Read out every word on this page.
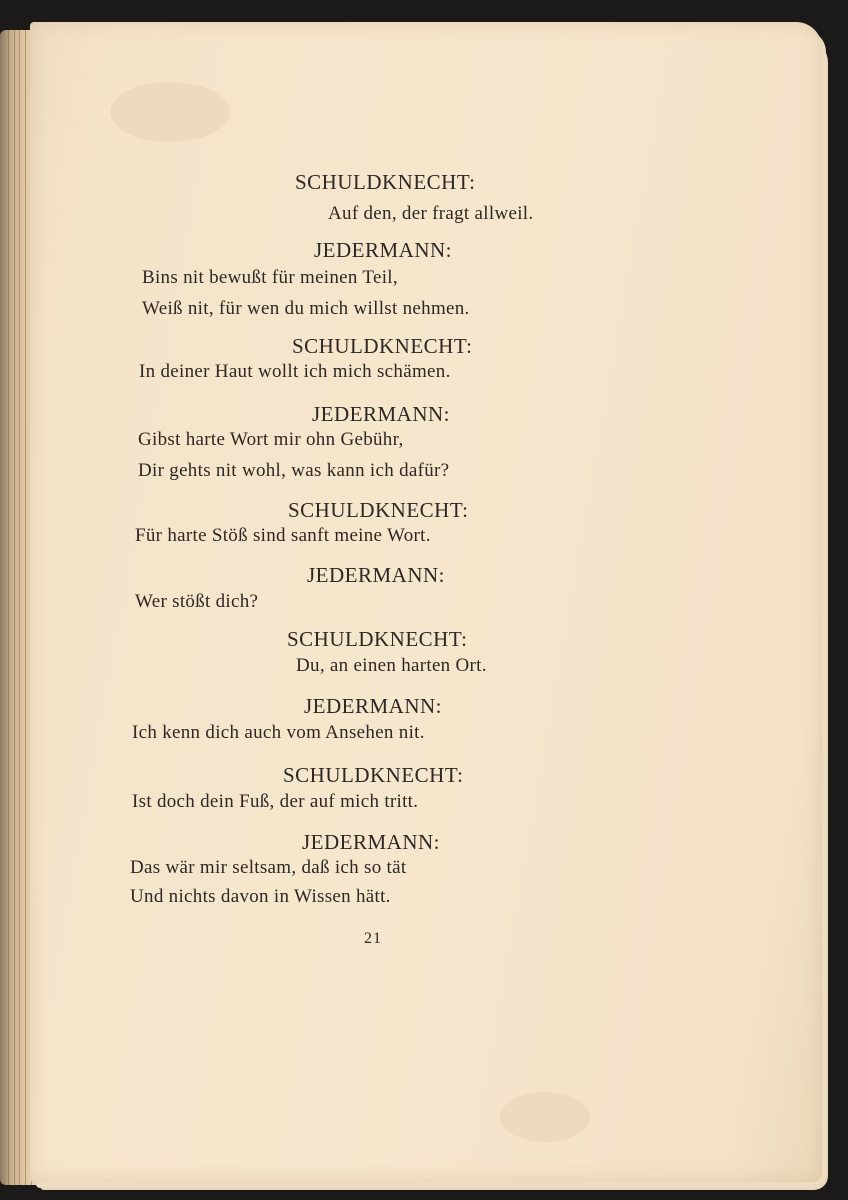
SCHULDKNECHT:
Auf den, der fragt allweil.
JEDERMANN:
Bins nit bewußt für meinen Teil,
Weiß nit, für wen du mich willst nehmen.
SCHULDKNECHT:
In deiner Haut wollt ich mich schämen.
JEDERMANN:
Gibst harte Wort mir ohn Gebühr,
Dir gehts nit wohl, was kann ich dafür?
SCHULDKNECHT:
Für harte Stöß sind sanft meine Wort.
JEDERMANN:
Wer stößt dich?
SCHULDKNECHT:
Du, an einen harten Ort.
JEDERMANN:
Ich kenn dich auch vom Ansehen nit.
SCHULDKNECHT:
Ist doch dein Fuß, der auf mich tritt.
JEDERMANN:
Das wär mir seltsam, daß ich so tät
Und nichts davon in Wissen hätt.
21
